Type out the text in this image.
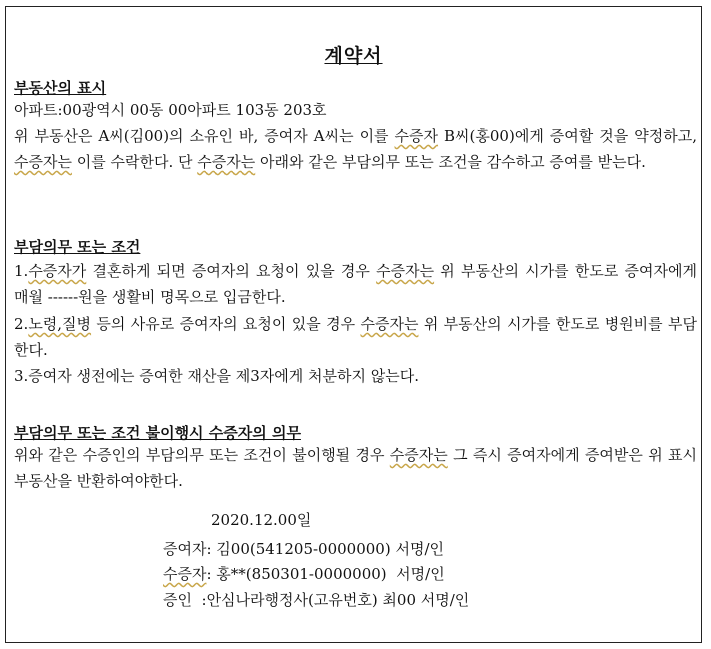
계약서
부동산의 표시
아파트:00광역시 00동 00아파트 103동 203호

위 부동산은 A씨(김00)의 소유인 바, 증여자 A씨는 이를 수증자 B씨(홍00)에게 증여할 것을 약정하고, 수증자는 이를 수락한다. 단 수증자는 아래와 같은 부담의무 또는 조건을 감수하고 증여를 받는다.

부담의무 또는 조건

1.수증자가 결혼하게 되면 증여자의 요청이 있을 경우 수증자는 위 부동산의 시가를 한도로 증여자에게 매월 ------원을 생활비 명목으로 입금한다.

2.노령,질병 등의 사유로 증여자의 요청이 있을 경우 수증자는 위 부동산의 시가를 한도로 병원비를 부담한다.

3.증여자 생전에는 증여한 재산을 제3자에게 처분하지 않는다.

부담의무 또는 조건 불이행시 수증자의 의무

위와 같은 수증인의 부담의무 또는 조건이 불이행될 경우 수증자는 그 즉시 증여자에게 증여받은 위 표시 부동산을 반환하여야한다.

2020.12.00일
증여자: 김00(541205-0000000) 서명/인
수증자: 홍**(850301-0000000)  서명/인
증인  :안심나라행정사(고유번호) 최00 서명/인
